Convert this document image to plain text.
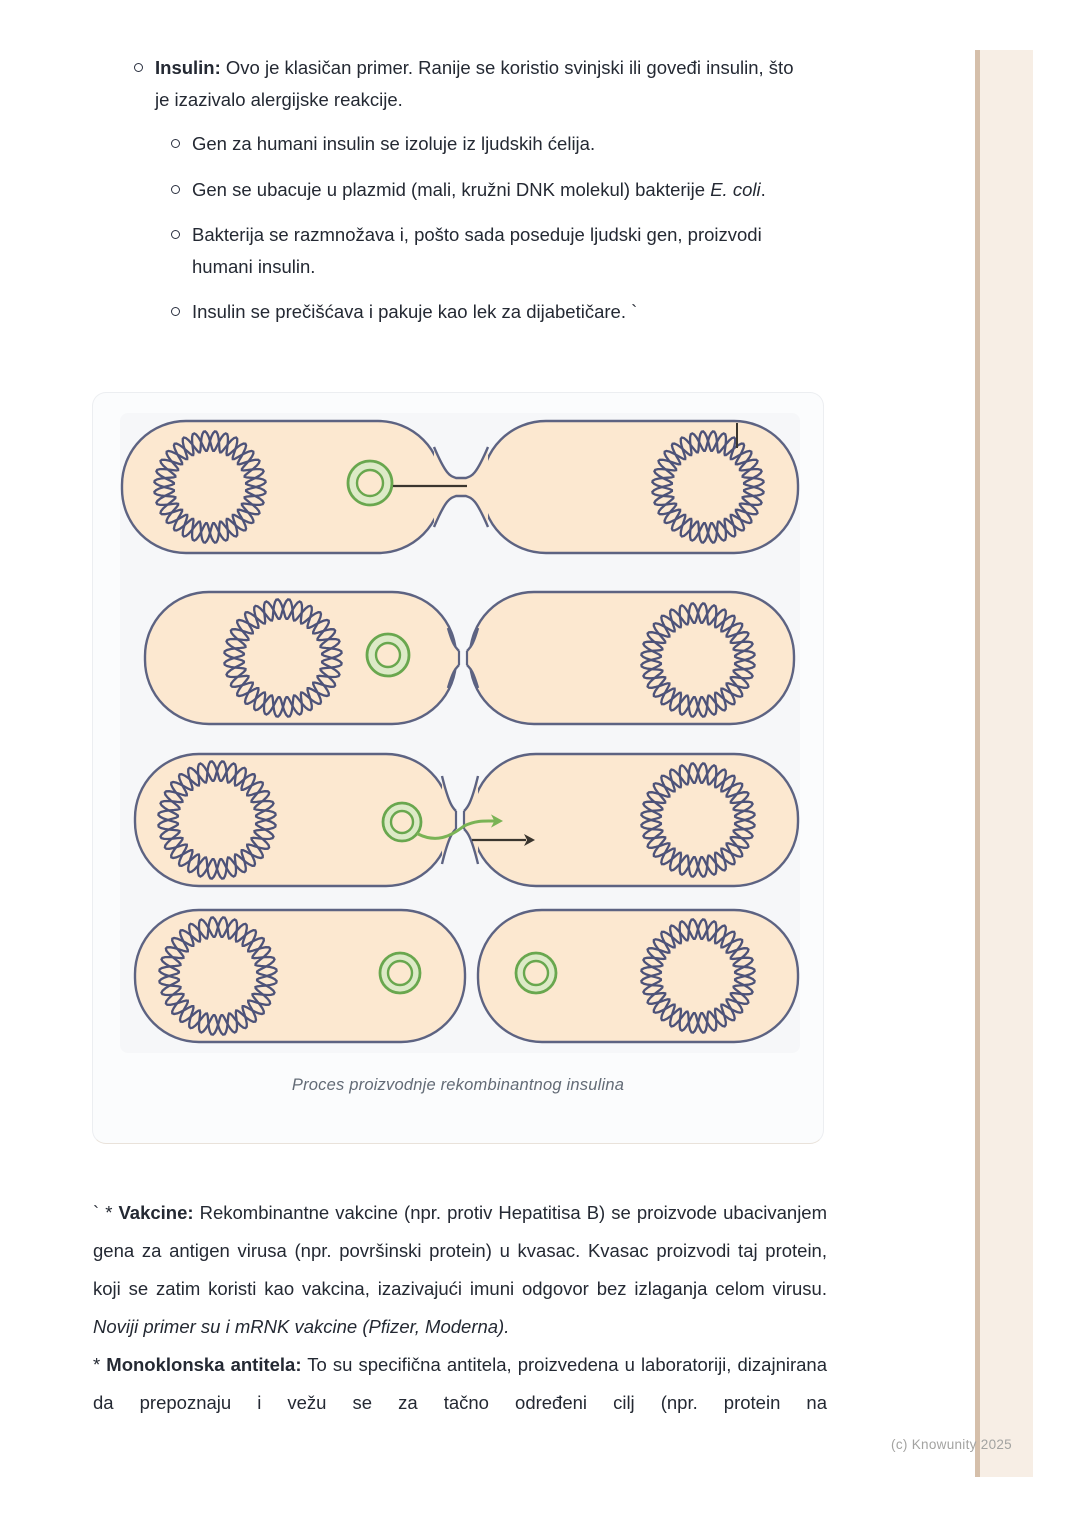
Insulin: Ovo je klasičan primer. Ranije se koristio svinjski ili goveđi insulin, što je izazivalo alergijske reakcije.
Gen za humani insulin se izoluje iz ljudskih ćelija.
Gen se ubacuje u plazmid (mali, kružni DNK molekul) bakterije E. coli.
Bakterija se razmnožava i, pošto sada poseduje ljudski gen, proizvodi humani insulin.
Insulin se prečišćava i pakuje kao lek za dijabetičare. `
Proces proizvodnje rekombinantnog insulina

` * Vakcine: Rekombinantne vakcine (npr. protiv Hepatitisa B) se proizvode ubacivanjem gena za antigen virusa (npr. površinski protein) u kvasac. Kvasac proizvodi taj protein, koji se zatim koristi kao vakcina, izazivajući imuni odgovor bez izlaganja celom virusu. Noviji primer su i mRNK vakcine (Pfizer, Moderna).

* Monoklonska antitela: To su specifična antitela, proizvedena u laboratoriji, dizajnirana da prepoznaju i vežu se za tačno određeni cilj (npr. protein na

(c) Knowunity 2025
